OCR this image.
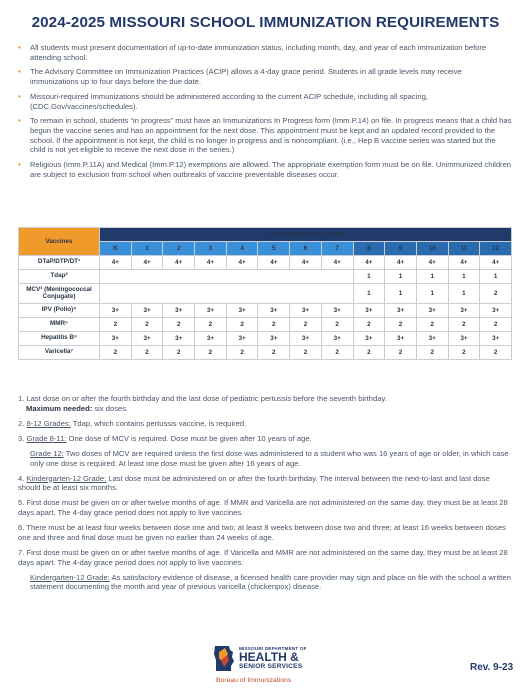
2024-2025 MISSOURI SCHOOL IMMUNIZATION REQUIREMENTS
• All students must present documentation of up-to-date immunization status, including month, day, and year of each immunization before attending school.
• The Advisory Committee on Immunization Practices (ACIP) allows a 4-day grace period. Students in all grade levels may receive immunizations up to four days before the due date.
• Missouri-required immunizations should be administered according to the current ACIP schedule, including all spacing, (CDC.Gov/vaccines/schedules).
• To remain in school, students “in progress” must have an Immunizations In Progress form (Imm.P.14) on file. In progress means that a child has begun the vaccine series and has an appointment for the next dose. This appointment must be kept and an updated record provided to the school. If the appointment is not kept, the child is no longer in progress and is noncompliant. (i.e., Hep B vaccine series was started but the child is not yet eligible to receive the next dose in the series.)
• Religious (Imm.P.11A) and Medical (Imm.P.12) exemptions are allowed. The appropriate exemption form must be on file. Unimmunized children are subject to exclusion from school when outbreaks of vaccine preventable diseases occur.
Vaccines	Dose Required by Grade												
	K	1	2	3	4	5	6	7	8	9	10	11	12
DTaP/DTP/DT¹	4+	4+	4+	4+	4+	4+	4+	4+	4+	4+	4+	4+	4+
Tdap²									1	1	1	1	1
MCV³ (Meningococcal Conjugate)									1	1	1	1	2
IPV (Polio)⁴	3+	3+	3+	3+	3+	3+	3+	3+	3+	3+	3+	3+	3+
MMR⁵	2	2	2	2	2	2	2	2	2	2	2	2	2
Hepatitis B⁶	3+	3+	3+	3+	3+	3+	3+	3+	3+	3+	3+	3+	3+
Varicella⁷	2	2	2	2	2	2	2	2	2	2	2	2	2
1. Last dose on or after the fourth birthday and the last dose of pediatric pertussis before the seventh birthday.
Maximum needed: six doses.
2. 8-12 Grades: Tdap, which contains pertussis vaccine, is required.
3. Grade 8-11: One dose of MCV is required. Dose must be given after 10 years of age.
Grade 12: Two doses of MCV are required unless the first dose was administered to a student who was 16 years of age or older, in which case only one dose is required. At least one dose must be given after 16 years of age.
4. Kindergarten-12 Grade: Last dose must be administered on or after the fourth birthday. The interval between the next-to-last and last dose should be at least six months.
5. First dose must be given on or after twelve months of age. If MMR and Varicella are not administered on the same day, they must be at least 28 days apart. The 4-day grace period does not apply to live vaccines.
6. There must be at least four weeks between dose one and two; at least 8 weeks between dose two and three; at least 16 weeks between doses one and three and final dose must be given no earlier than 24 weeks of age.
7. First dose must be given on or after twelve months of age. If Varicella and MMR are not administered on the same day, they must be at least 28 days apart. The 4-day grace period does not apply to live vaccines.
Kindergarten-12 Grade: As satisfactory evidence of disease, a licensed health care provider may sign and place on file with the school a written statement documenting the month and year of previous varicella (chickenpox) disease.
MISSOURI DEPARTMENT OF
HEALTH &
SENIOR SERVICES
Bureau of Immunizations
Rev. 9-23
